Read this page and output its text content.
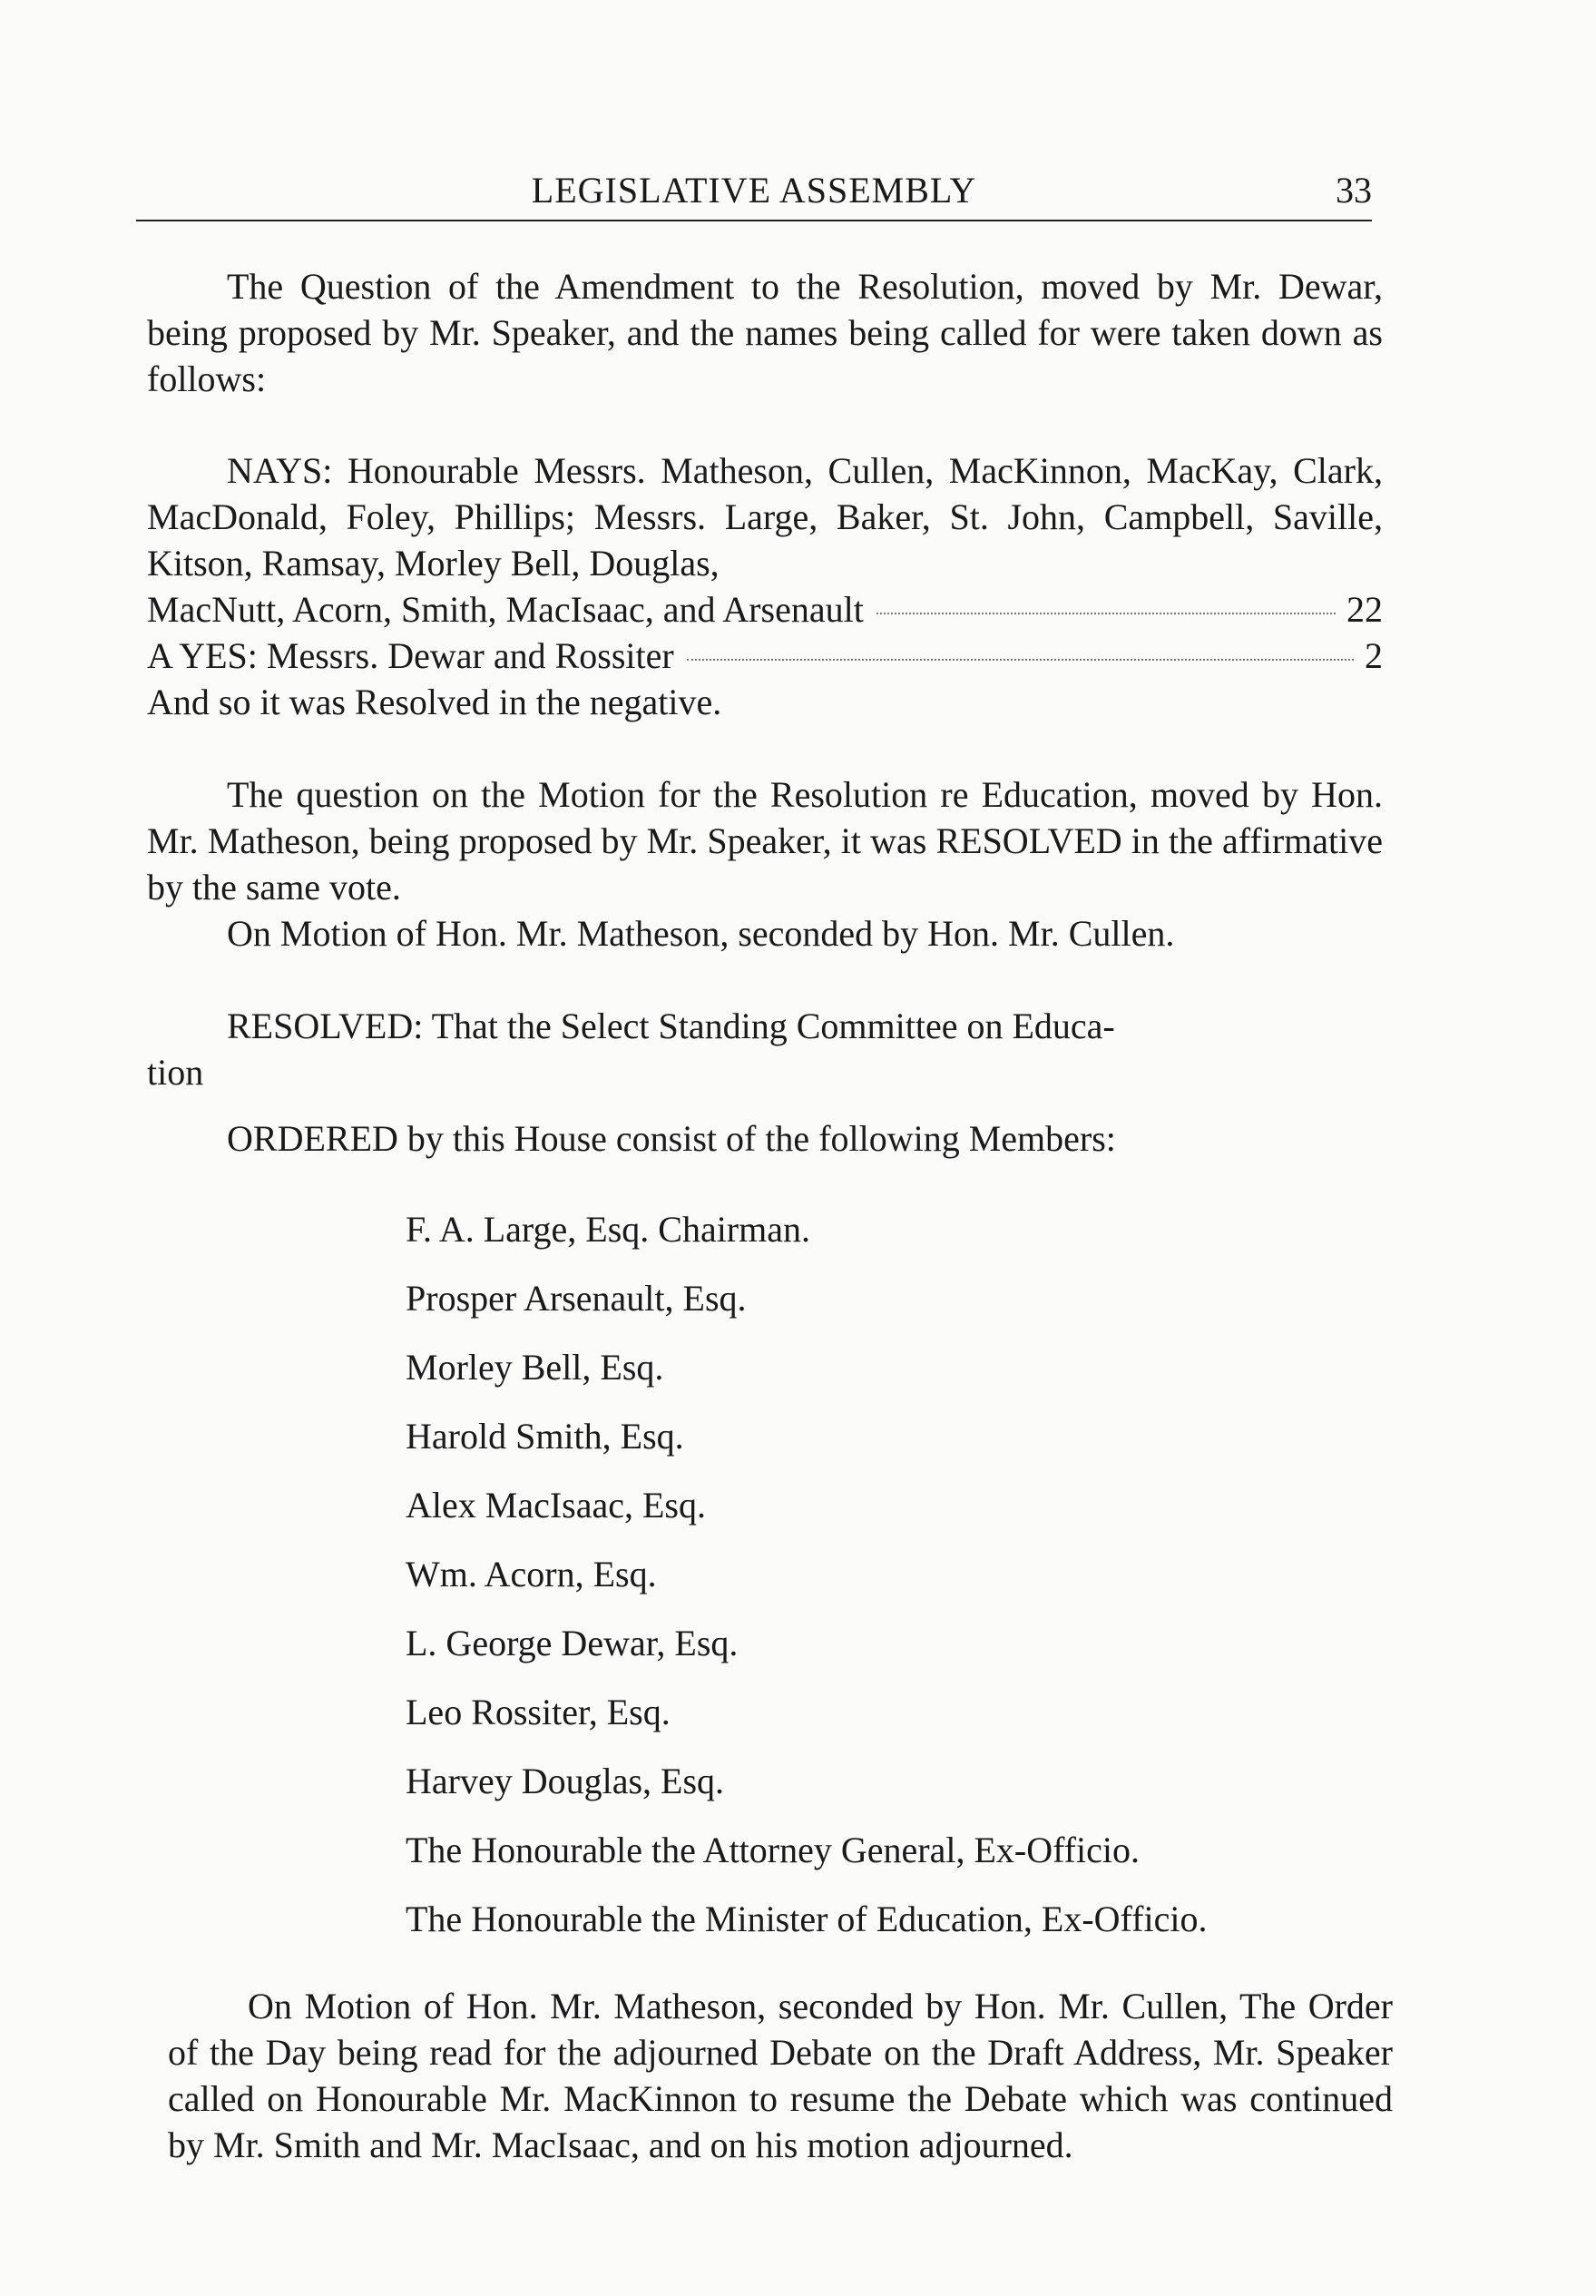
LEGISLATIVE ASSEMBLY	33
The Question of the Amendment to the Resolution, moved by Mr. Dewar, being proposed by Mr. Speaker, and the names being called for were taken down as follows:
NAYS: Honourable Messrs. Matheson, Cullen, MacKinnon, MacKay, Clark, MacDonald, Foley, Phillips; Messrs. Large, Baker, St. John, Campbell, Saville, Kitson, Ramsay, Morley Bell, Douglas,
MacNutt, Acorn, Smith, MacIsaac, and Arsenault	22
A YES: Messrs. Dewar and Rossiter	2
And so it was Resolved in the negative.
The question on the Motion for the Resolution re Education, moved by Hon. Mr. Matheson, being proposed by Mr. Speaker, it was RESOLVED in the affirmative by the same vote.
On Motion of Hon. Mr. Matheson, seconded by Hon. Mr. Cullen.
RESOLVED: That the Select Standing Committee on Educa-
tion
ORDERED by this House consist of the following Members:
F. A. Large, Esq. Chairman.
Prosper Arsenault, Esq.
Morley Bell, Esq.
Harold Smith, Esq.
Alex MacIsaac, Esq.
Wm. Acorn, Esq.
L. George Dewar, Esq.
Leo Rossiter, Esq.
Harvey Douglas, Esq.
The Honourable the Attorney General, Ex-Officio.
The Honourable the Minister of Education, Ex-Officio.
On Motion of Hon. Mr. Matheson, seconded by Hon. Mr. Cullen, The Order of the Day being read for the adjourned Debate on the Draft Address, Mr. Speaker called on Honourable Mr. MacKinnon to resume the Debate which was continued by Mr. Smith and Mr. MacIsaac, and on his motion adjourned.
